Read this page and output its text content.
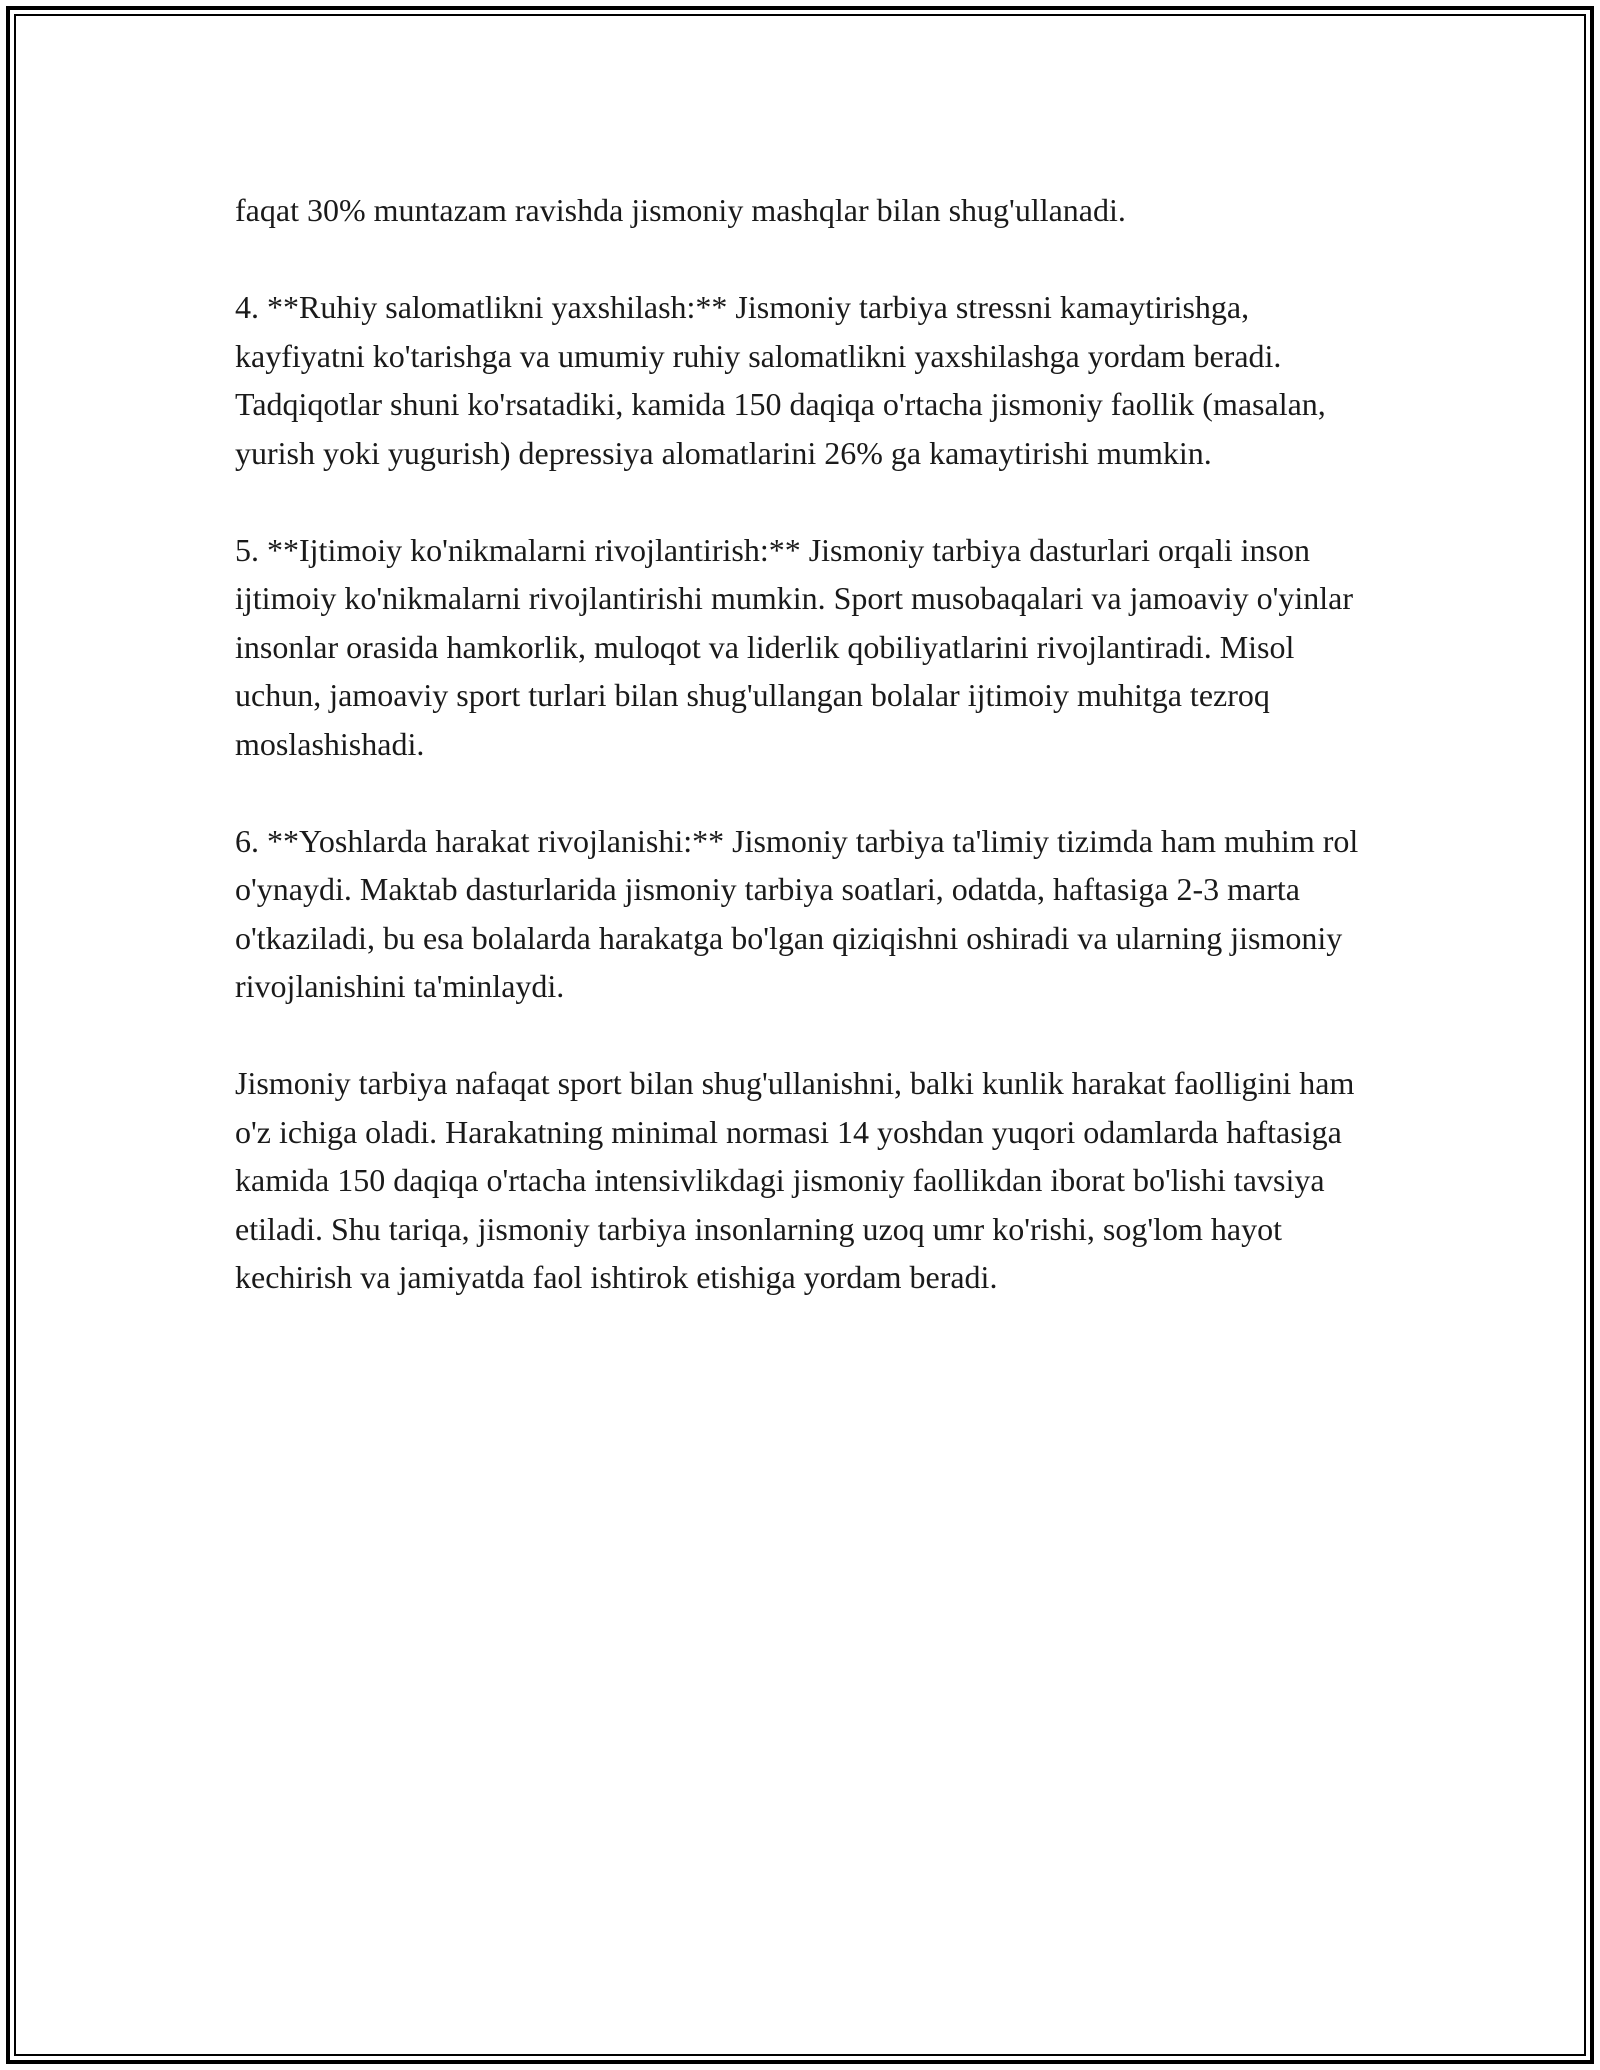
faqat 30% muntazam ravishda jismoniy mashqlar bilan shug'ullanadi.

4. **Ruhiy salomatlikni yaxshilash:** Jismoniy tarbiya stressni kamaytirishga, kayfiyatni ko'tarishga va umumiy ruhiy salomatlikni yaxshilashga yordam beradi. Tadqiqotlar shuni ko'rsatadiki, kamida 150 daqiqa o'rtacha jismoniy faollik (masalan, yurish yoki yugurish) depressiya alomatlarini 26% ga kamaytirishi mumkin.

5. **Ijtimoiy ko'nikmalarni rivojlantirish:** Jismoniy tarbiya dasturlari orqali inson ijtimoiy ko'nikmalarni rivojlantirishi mumkin. Sport musobaqalari va jamoaviy o'yinlar insonlar orasida hamkorlik, muloqot va liderlik qobiliyatlarini rivojlantiradi. Misol uchun, jamoaviy sport turlari bilan shug'ullangan bolalar ijtimoiy muhitga tezroq moslashishadi.

6. **Yoshlarda harakat rivojlanishi:** Jismoniy tarbiya ta'limiy tizimda ham muhim rol o'ynaydi. Maktab dasturlarida jismoniy tarbiya soatlari, odatda, haftasiga 2-3 marta o'tkaziladi, bu esa bolalarda harakatga bo'lgan qiziqishni oshiradi va ularning jismoniy rivojlanishini ta'minlaydi.

Jismoniy tarbiya nafaqat sport bilan shug'ullanishni, balki kunlik harakat faolligini ham o'z ichiga oladi. Harakatning minimal normasi 14 yoshdan yuqori odamlarda haftasiga kamida 150 daqiqa o'rtacha intensivlikdagi jismoniy faollikdan iborat bo'lishi tavsiya etiladi. Shu tariqa, jismoniy tarbiya insonlarning uzoq umr ko'rishi, sog'lom hayot kechirish va jamiyatda faol ishtirok etishiga yordam beradi.
